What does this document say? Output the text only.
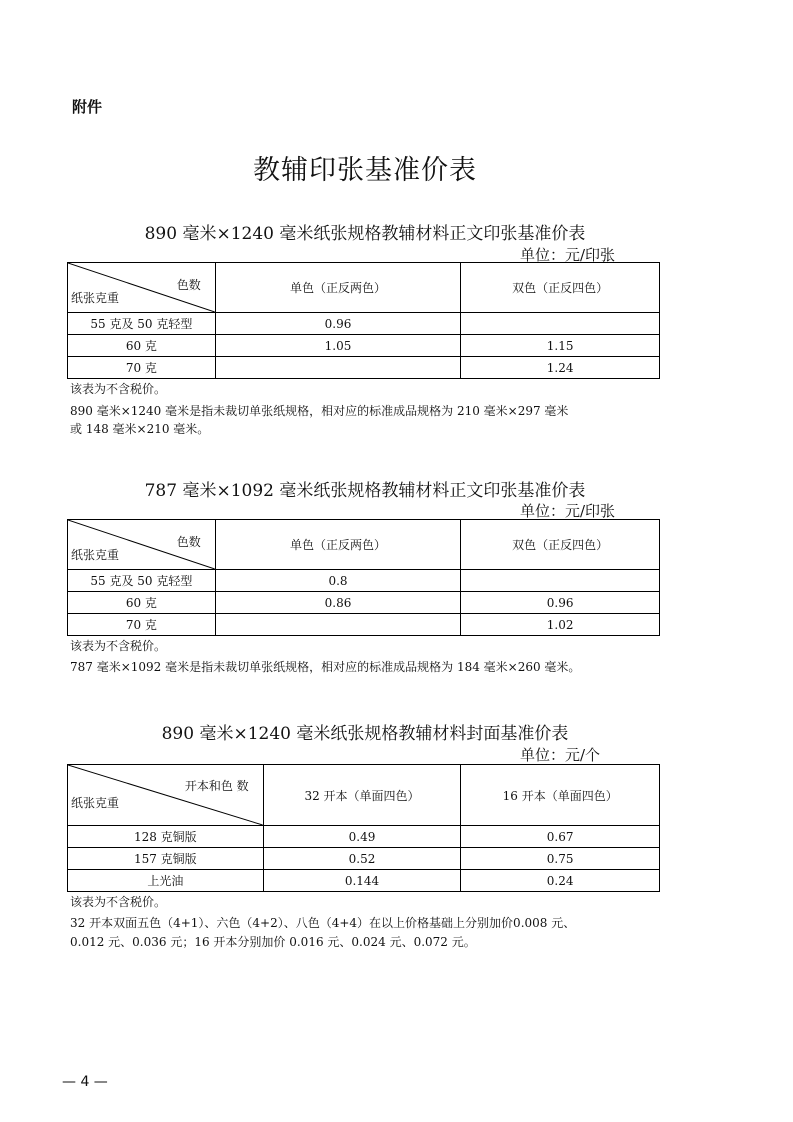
附件
教辅印张基准价表
890 毫米×1240 毫米纸张规格教辅材料正文印张基准价表
单位：元/印张
色数
纸张克重	单色（正反两色）	双色（正反四色）
55 克及 50 克轻型	0.96	
60 克	1.05	1.15
70 克		1.24
该表为不含税价。
890 毫米×1240 毫米是指未裁切单张纸规格，相对应的标准成品规格为 210 毫米×297 毫米
或 148 毫米×210 毫米。
787 毫米×1092 毫米纸张规格教辅材料正文印张基准价表
单位：元/印张
色数
纸张克重	单色（正反两色）	双色（正反四色）
55 克及 50 克轻型	0.8	
60 克	0.86	0.96
70 克		1.02
该表为不含税价。
787 毫米×1092 毫米是指未裁切单张纸规格，相对应的标准成品规格为 184 毫米×260 毫米。
890 毫米×1240 毫米纸张规格教辅材料封面基准价表
单位：元/个
开本和色 数
纸张克重	32 开本（单面四色）	16 开本（单面四色）
128 克铜版	0.49	0.67
157 克铜版	0.52	0.75
上光油	0.144	0.24
该表为不含税价。
32 开本双面五色（4+1）、六色（4+2）、八色（4+4）在以上价格基础上分别加价0.008 元、
0.012 元、0.036 元；16 开本分别加价 0.016 元、0.024 元、0.072 元。
— 4 —
